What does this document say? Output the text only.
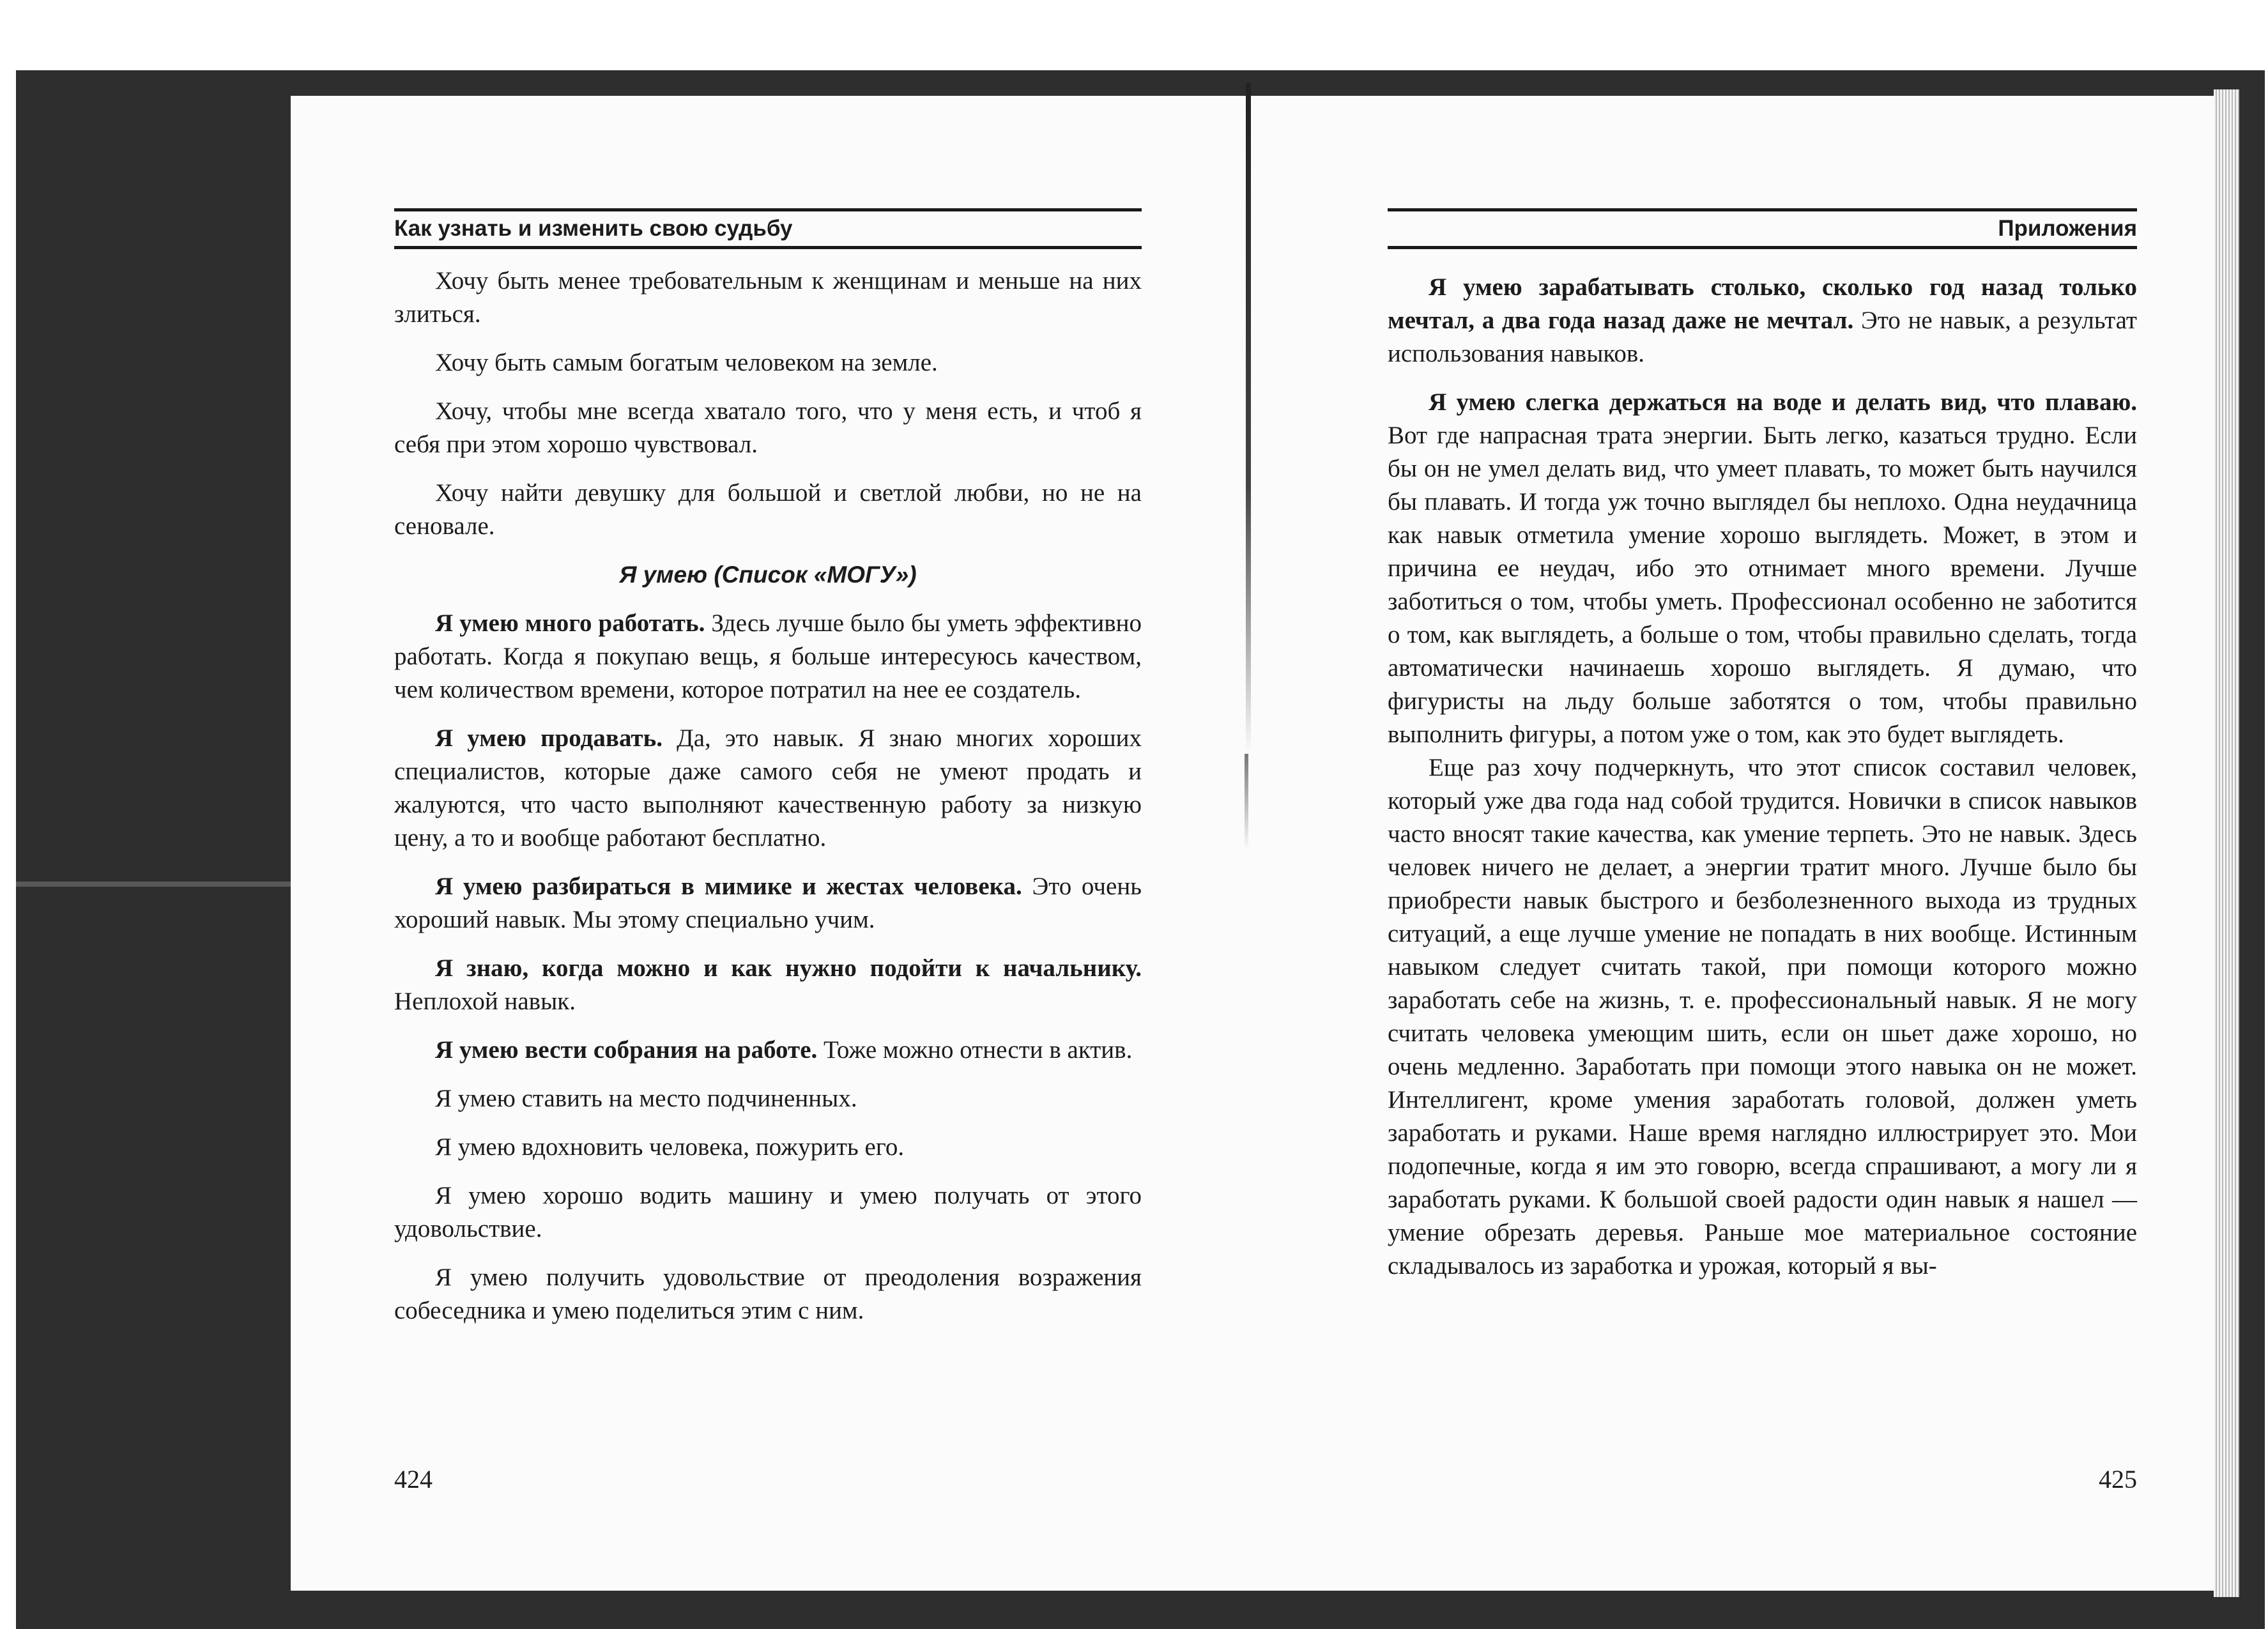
Как узнать и изменить свою судьбу

Хочу быть менее требовательным к женщинам и меньше на них злиться.

Хочу быть самым богатым человеком на земле.

Хочу, чтобы мне всегда хватало того, что у меня есть, и чтоб я себя при этом хорошо чувствовал.

Хочу найти девушку для большой и светлой любви, но не на сеновале.

Я умею (Список «МОГУ»)

Я умею много работать. Здесь лучше было бы уметь эффективно работать. Когда я покупаю вещь, я больше интересуюсь качеством, чем количеством времени, которое потратил на нее ее создатель.

Я умею продавать. Да, это навык. Я знаю многих хороших специалистов, которые даже самого себя не умеют продать и жалуются, что часто выполняют качественную работу за низкую цену, а то и вообще работают бесплатно.

Я умею разбираться в мимике и жестах человека. Это очень хороший навык. Мы этому специально учим.

Я знаю, когда можно и как нужно подойти к начальнику. Неплохой навык.

Я умею вести собрания на работе. Тоже можно отнести в актив.

Я умею ставить на место подчиненных.

Я умею вдохновить человека, пожурить его.

Я умею хорошо водить машину и умею получать от этого удовольствие.

Я умею получить удовольствие от преодоления возражения собеседника и умею поделиться этим с ним.

424
Приложения

Я умею зарабатывать столько, сколько год назад только мечтал, а два года назад даже не мечтал. Это не навык, а результат использования навыков.

Я умею слегка держаться на воде и делать вид, что плаваю. Вот где напрасная трата энергии. Быть легко, казаться трудно. Если бы он не умел делать вид, что умеет плавать, то может быть научился бы плавать. И тогда уж точно выглядел бы неплохо. Одна неудачница как навык отметила умение хорошо выглядеть. Может, в этом и причина ее неудач, ибо это отнимает много времени. Лучше заботиться о том, чтобы уметь. Профессионал особенно не заботится о том, как выглядеть, а больше о том, чтобы правильно сделать, тогда автоматически начинаешь хорошо выглядеть. Я думаю, что фигуристы на льду больше заботятся о том, чтобы правильно выполнить фигуры, а потом уже о том, как это будет выглядеть.

Еще раз хочу подчеркнуть, что этот список составил человек, который уже два года над собой трудится. Новички в список навыков часто вносят такие качества, как умение терпеть. Это не навык. Здесь человек ничего не делает, а энергии тратит много. Лучше было бы приобрести навык быстрого и безболезненного выхода из трудных ситуаций, а еще лучше умение не попадать в них вообще. Истинным навыком следует считать такой, при помощи которого можно заработать себе на жизнь, т. е. профессиональный навык. Я не могу считать человека умеющим шить, если он шьет даже хорошо, но очень медленно. Заработать при помощи этого навыка он не может. Интеллигент, кроме умения заработать головой, должен уметь заработать и руками. Наше время наглядно иллюстрирует это. Мои подопечные, когда я им это говорю, всегда спрашивают, а могу ли я заработать руками. К большой своей радости один навык я нашел — умение обрезать деревья. Раньше мое материальное состояние складывалось из заработка и урожая, который я вы-

425
